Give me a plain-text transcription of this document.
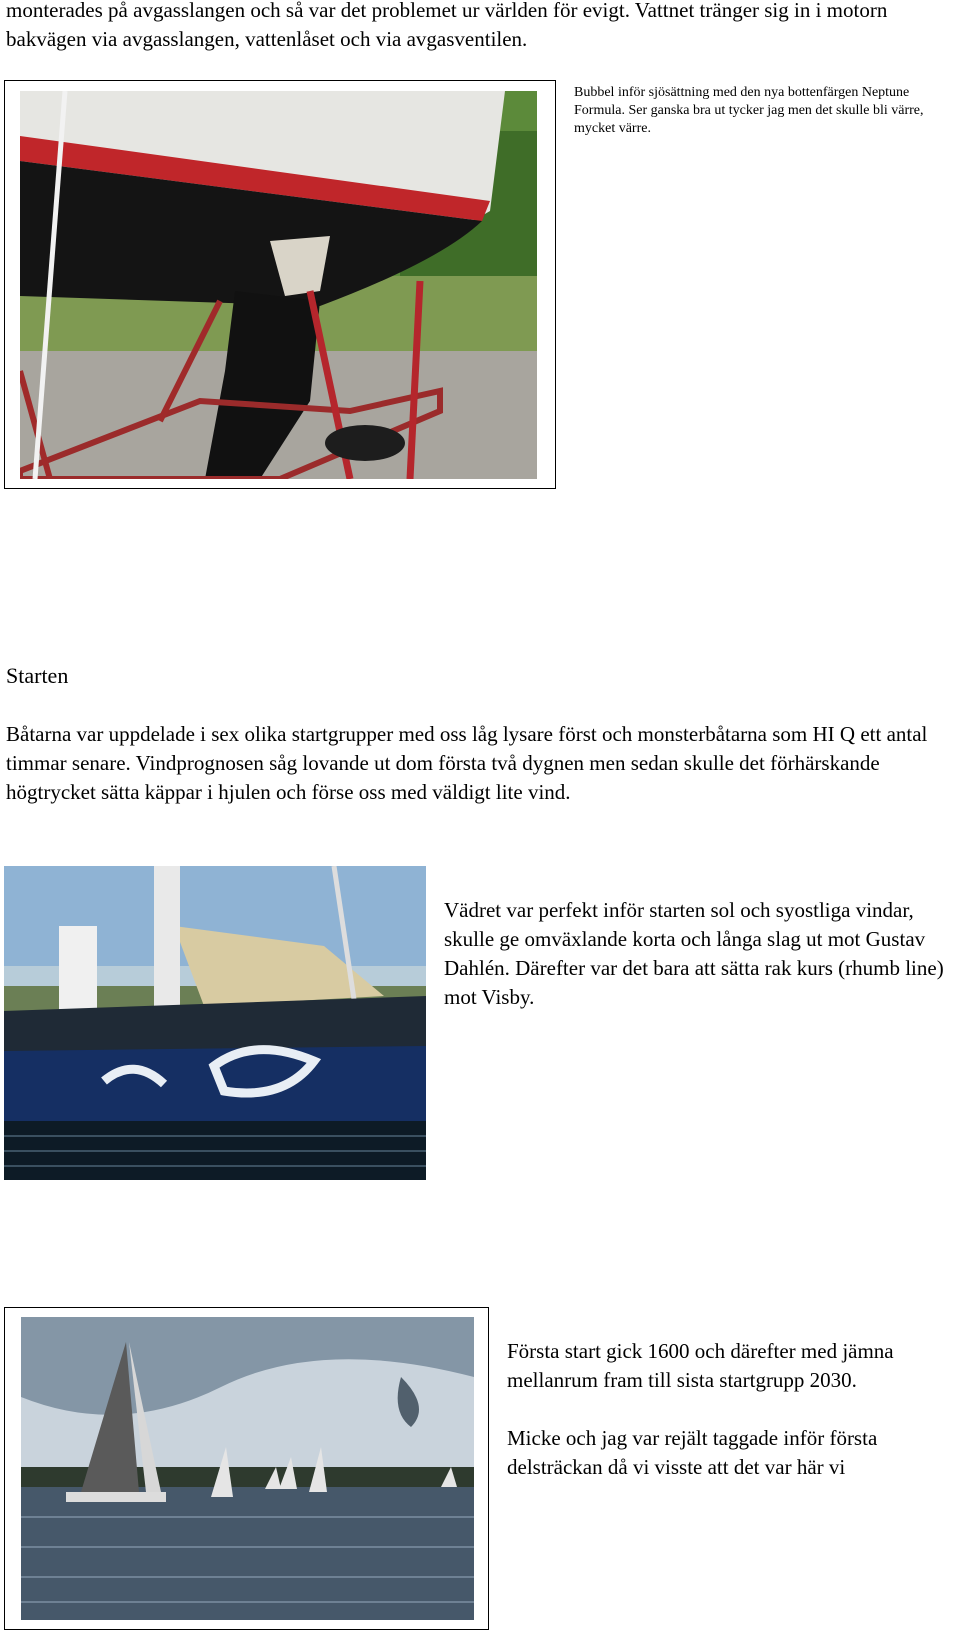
monterades på avgasslangen och så var det problemet ur världen för evigt. Vattnet tränger sig in i motorn bakvägen via avgasslangen, vattenlåset och via avgasventilen.
Bubbel inför sjösättning med den nya bottenfärgen Neptune Formula. Ser ganska bra ut tycker jag men det skulle bli värre, mycket värre.
Starten
Båtarna var uppdelade i sex olika startgrupper med oss låg lysare först och monsterbåtarna som HI Q ett antal timmar senare. Vindprognosen såg lovande ut dom första två dygnen men sedan skulle det förhärskande högtrycket sätta käppar i hjulen och förse oss med väldigt lite vind.
Vädret var perfekt inför starten sol och syostliga vindar, skulle ge omväxlande korta och långa slag ut mot Gustav Dahlén. Därefter var det bara att sätta rak kurs (rhumb line) mot Visby.
Första start gick 1600 och därefter med jämna mellanrum fram till sista startgrupp 2030.
Micke och jag var rejält taggade inför första delsträckan då vi visste att det var här vi
